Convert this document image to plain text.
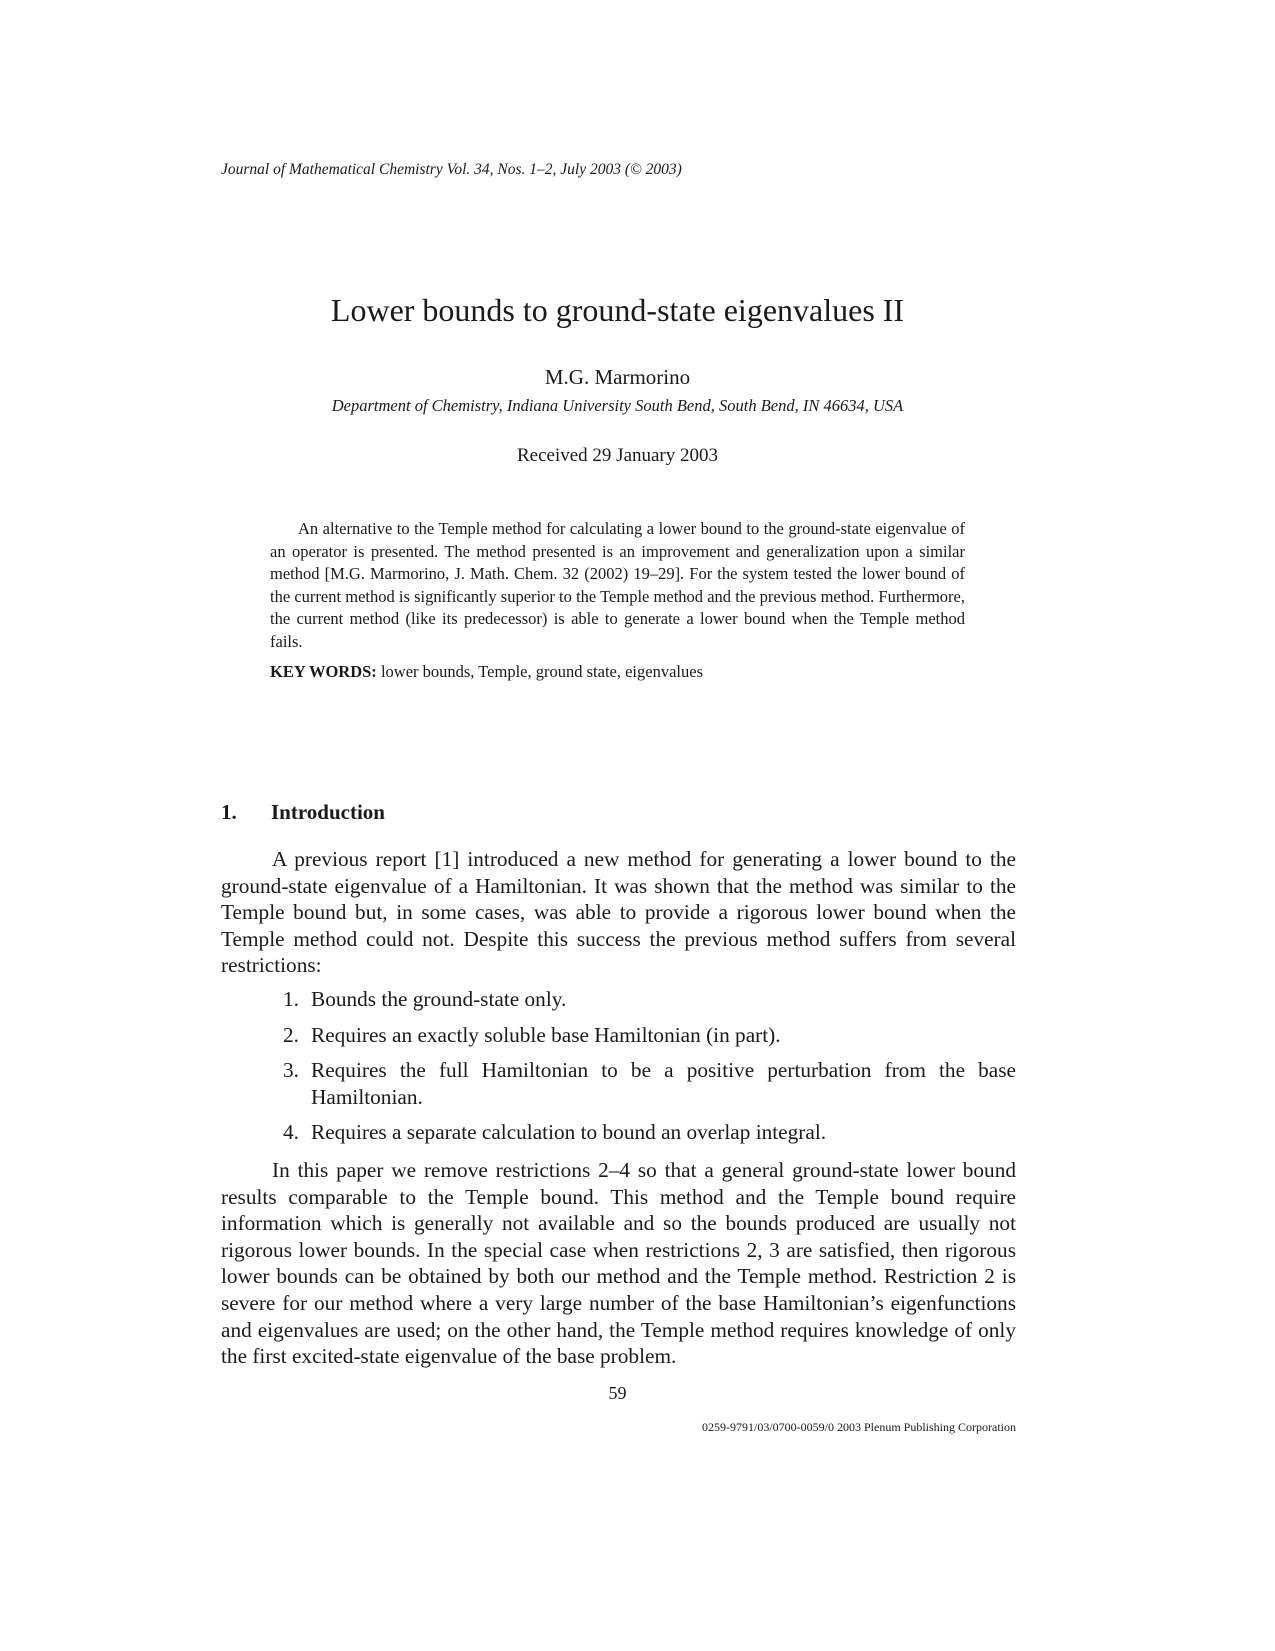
Journal of Mathematical Chemistry Vol. 34, Nos. 1–2, July 2003 (© 2003)
Lower bounds to ground-state eigenvalues II
M.G. Marmorino
Department of Chemistry, Indiana University South Bend, South Bend, IN 46634, USA
Received 29 January 2003

An alternative to the Temple method for calculating a lower bound to the ground-state eigenvalue of an operator is presented. The method presented is an improvement and generalization upon a similar method [M.G. Marmorino, J. Math. Chem. 32 (2002) 19–29]. For the system tested the lower bound of the current method is significantly superior to the Temple method and the previous method. Furthermore, the current method (like its predecessor) is able to generate a lower bound when the Temple method fails.

KEY WORDS: lower bounds, Temple, ground state, eigenvalues
1. Introduction

A previous report [1] introduced a new method for generating a lower bound to the ground-state eigenvalue of a Hamiltonian. It was shown that the method was similar to the Temple bound but, in some cases, was able to provide a rigorous lower bound when the Temple method could not. Despite this success the previous method suffers from several restrictions:

1. Bounds the ground-state only.
2. Requires an exactly soluble base Hamiltonian (in part).
3. Requires the full Hamiltonian to be a positive perturbation from the base Hamiltonian.
4. Requires a separate calculation to bound an overlap integral.

In this paper we remove restrictions 2–4 so that a general ground-state lower bound results comparable to the Temple bound. This method and the Temple bound require information which is generally not available and so the bounds produced are usually not rigorous lower bounds. In the special case when restrictions 2, 3 are satisfied, then rigorous lower bounds can be obtained by both our method and the Temple method. Restriction 2 is severe for our method where a very large number of the base Hamiltonian’s eigenfunctions and eigenvalues are used; on the other hand, the Temple method requires knowledge of only the first excited-state eigenvalue of the base problem.

59
0259-9791/03/0700-0059/0 2003 Plenum Publishing Corporation
